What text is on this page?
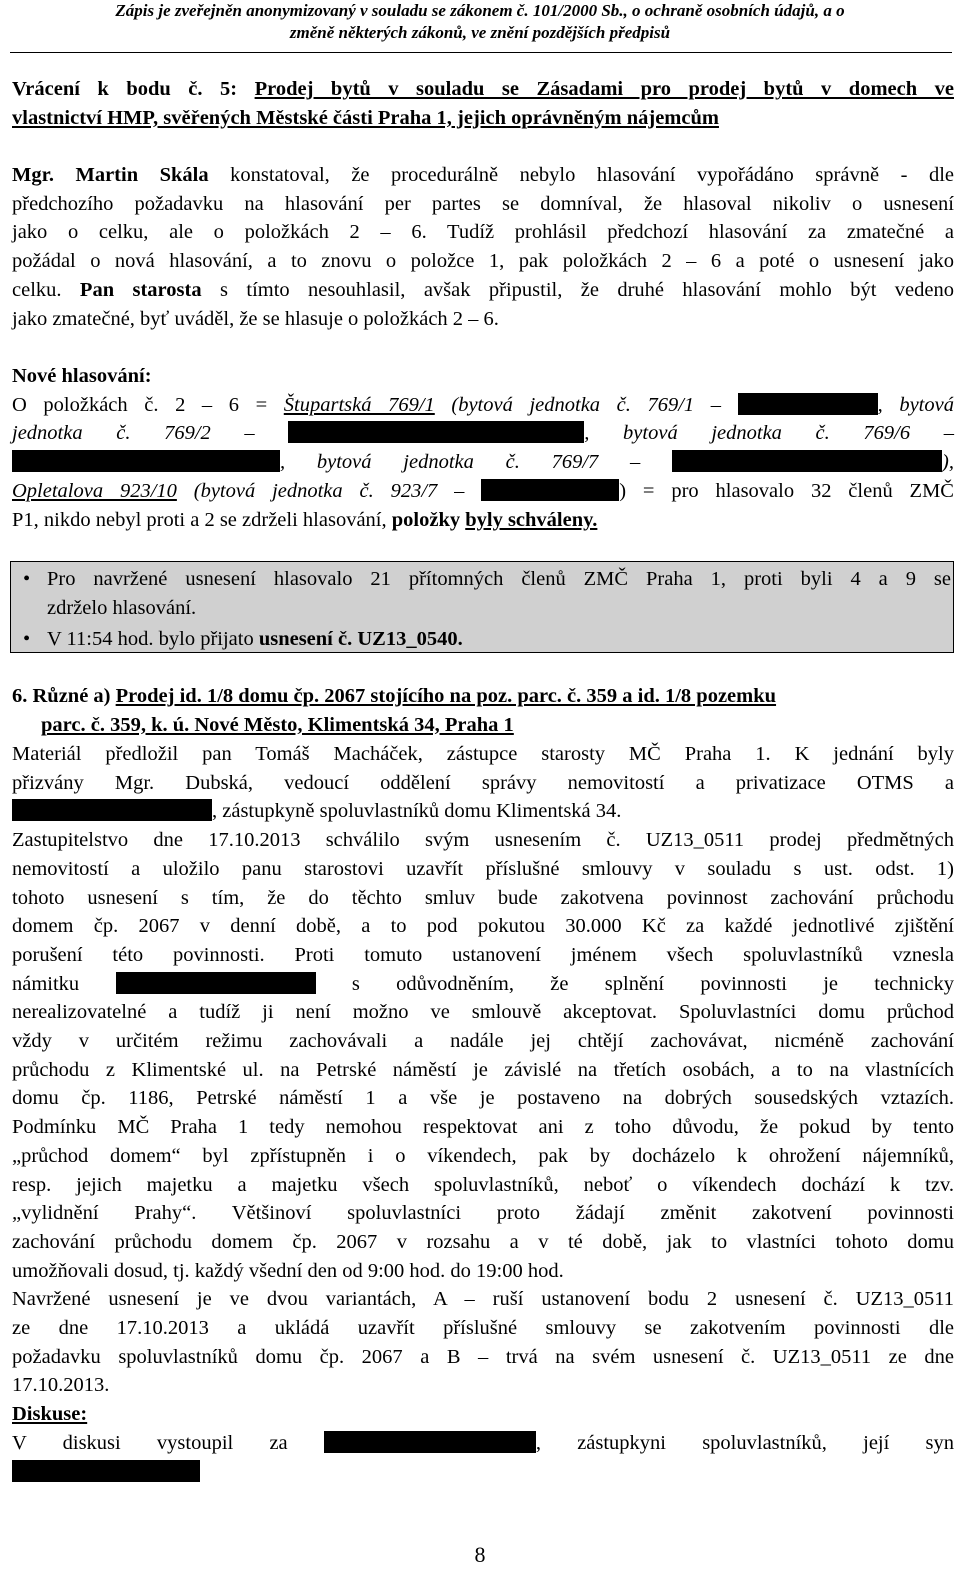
Zápis je zveřejněn anonymizovaný v souladu se zákonem č. 101/2000 Sb., o ochraně osobních údajů, a o
změně některých zákonů, ve znění pozdějších předpisů
Vrácení k bodu č. 5: Prodej bytů v souladu se Zásadami pro prodej bytů v domech ve
vlastnictví HMP, svěřených Městské části Praha 1, jejich oprávněným nájemcům
Mgr. Martin Skála konstatoval, že procedurálně nebylo hlasování vypořádáno správně - dle
předchozího požadavku na hlasování per partes se domníval, že hlasoval nikoliv o usnesení
jako o celku, ale o položkách 2 – 6. Tudíž prohlásil předchozí hlasování za zmatečné a
požádal o nová hlasování, a to znovu o položce 1, pak položkách 2 – 6 a poté o usnesení jako
celku. Pan starosta s tímto nesouhlasil, avšak připustil, že druhé hlasování mohlo být vedeno
jako zmatečné, byť uváděl, že se hlasuje o položkách 2 – 6.
Nové hlasování:
O položkách č. 2 – 6 = Štupartská 769/1 (bytová jednotka č. 769/1 –	, bytová
jednotka č. 769/2 –	, bytová jednotka č. 769/6 –
, bytová jednotka č. 769/7 –	),
Opletalova 923/10 (bytová jednotka č. 923/7 –	) = pro hlasovalo 32 členů ZMČ
P1, nikdo nebyl proti a 2 se zdrželi hlasování, položky byly schváleny.
• Pro navržené usnesení hlasovalo 21 přítomných členů ZMČ Praha 1, proti byli 4 a 9 se
zdrželo hlasování.
• V 11:54 hod. bylo přijato usnesení č. UZ13_0540.
6. Různé a) Prodej id. 1/8 domu čp. 2067 stojícího na poz. parc. č. 359 a id. 1/8 pozemku
parc. č. 359, k. ú. Nové Město, Klimentská 34, Praha 1
Materiál předložil pan Tomáš Macháček, zástupce starosty MČ Praha 1. K jednání byly
přizvány Mgr. Dubská, vedoucí oddělení správy nemovitostí a privatizace OTMS a
, zástupkyně spoluvlastníků domu Klimentská 34.
Zastupitelstvo dne 17.10.2013 schválilo svým usnesením č. UZ13_0511 prodej předmětných
nemovitostí a uložilo panu starostovi uzavřít příslušné smlouvy v souladu s ust. odst. 1)
tohoto usnesení s tím, že do těchto smluv bude zakotvena povinnost zachování průchodu
domem čp. 2067 v denní době, a to pod pokutou 30.000 Kč za každé jednotlivé zjištění
porušení této povinnosti. Proti tomuto ustanovení jménem všech spoluvlastníků vznesla
námitku	s odůvodněním, že splnění povinnosti je technicky
nerealizovatelné a tudíž ji není možno ve smlouvě akceptovat. Spoluvlastníci domu průchod
vždy v určitém režimu zachovávali a nadále jej chtějí zachovávat, nicméně zachování
průchodu z Klimentské ul. na Petrské náměstí je závislé na třetích osobách, a to na vlastnících
domu čp. 1186, Petrské náměstí 1 a vše je postaveno na dobrých sousedských vztazích.
Podmínku MČ Praha 1 tedy nemohou respektovat ani z toho důvodu, že pokud by tento
„průchod domem“ byl zpřístupněn i o víkendech, pak by docházelo k ohrožení nájemníků,
resp. jejich majetku a majetku všech spoluvlastníků, neboť o víkendech dochází k tzv.
„vylidnění Prahy“. Většinoví spoluvlastníci proto žádají změnit zakotvení povinnosti
zachování průchodu domem čp. 2067 v rozsahu a v té době, jak to vlastníci tohoto domu
umožňovali dosud, tj. každý všední den od 9:00 hod. do 19:00 hod.
Navržené usnesení je ve dvou variantách, A – ruší ustanovení bodu 2 usnesení č. UZ13_0511
ze dne 17.10.2013 a ukládá uzavřít příslušné smlouvy se zakotvením povinnosti dle
požadavku spoluvlastníků domu čp. 2067 a B – trvá na svém usnesení č. UZ13_0511 ze dne
17.10.2013.
Diskuse:
V diskusi vystoupil za	, zástupkyni spoluvlastníků, její syn
8
